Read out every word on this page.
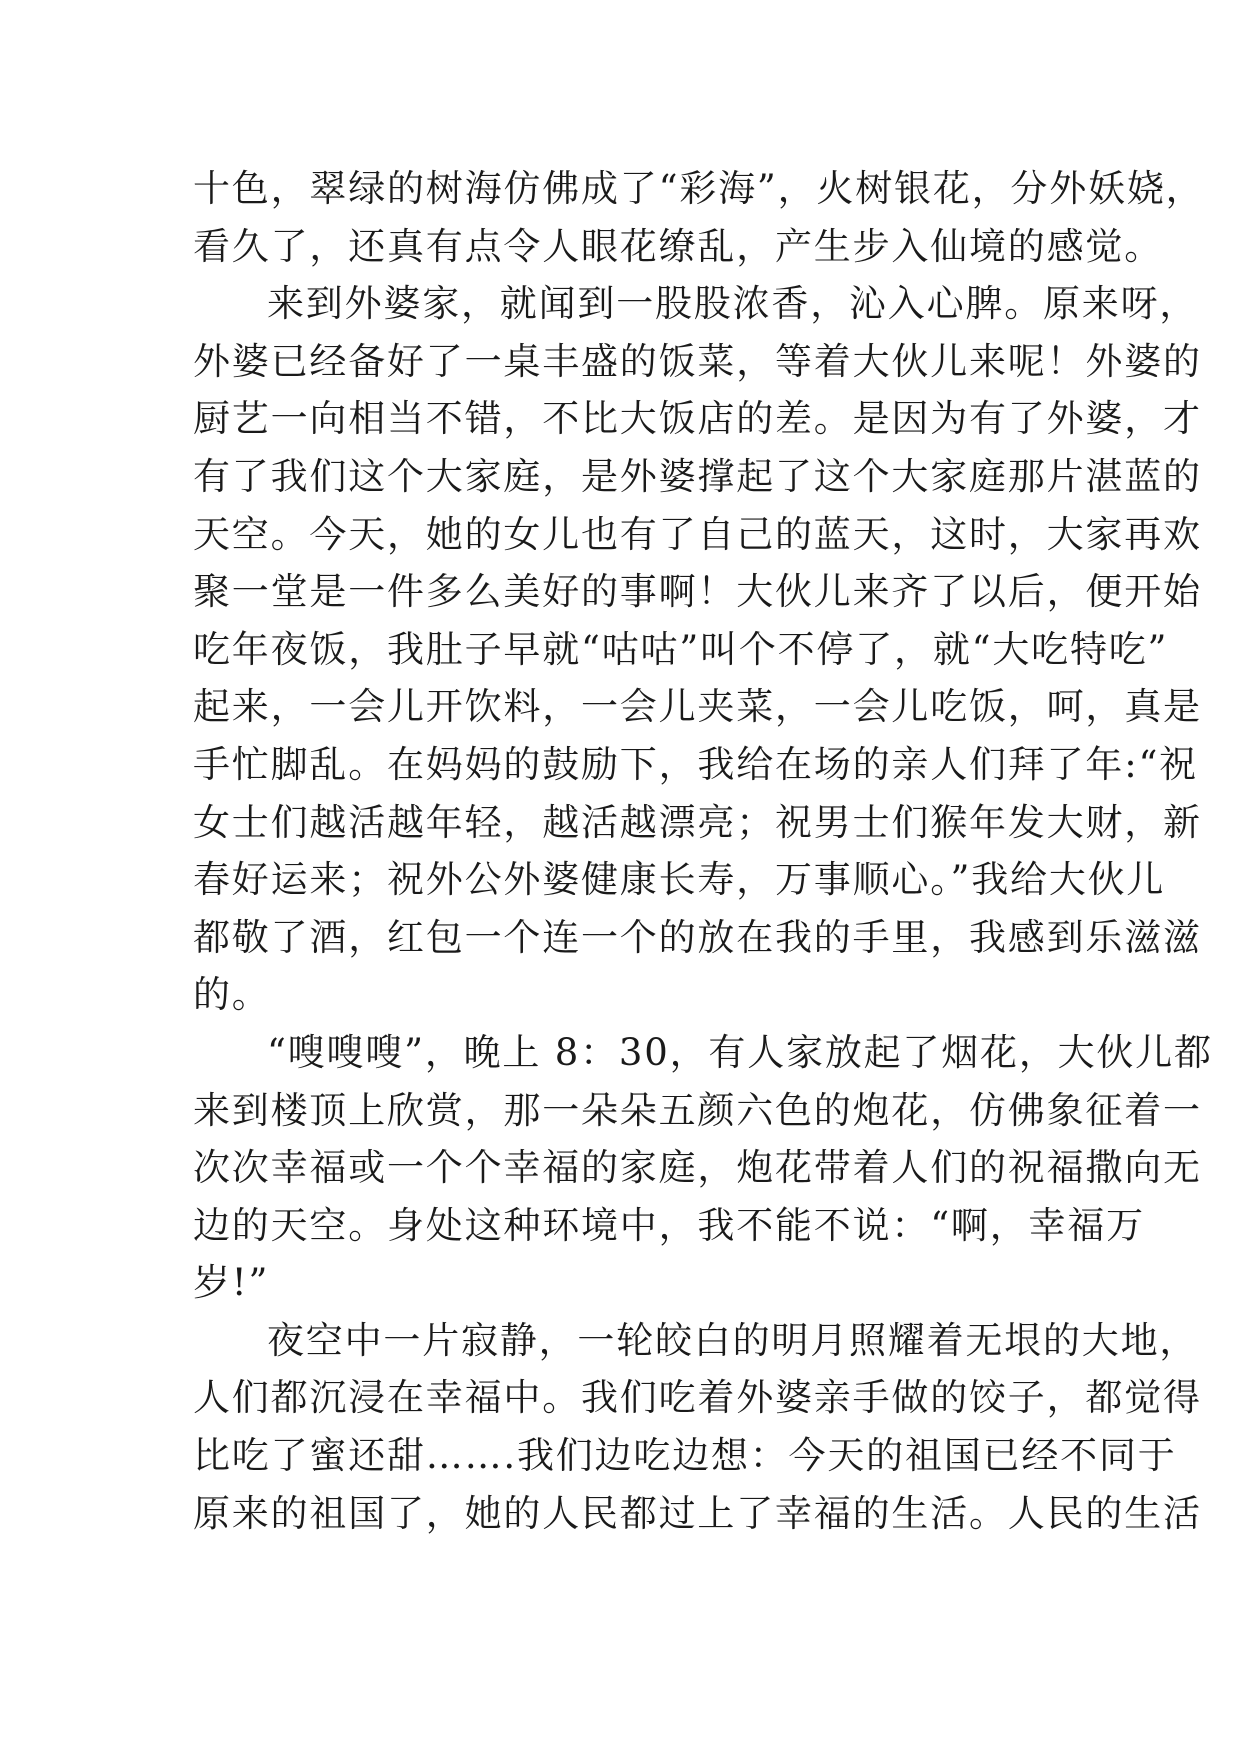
十色，翠绿的树海仿佛成了“彩海”，火树银花，分外妖娆，
看久了，还真有点令人眼花缭乱，产生步入仙境的感觉。
来到外婆家，就闻到一股股浓香，沁入心脾。原来呀，
外婆已经备好了一桌丰盛的饭菜，等着大伙儿来呢！外婆的
厨艺一向相当不错，不比大饭店的差。是因为有了外婆，才
有了我们这个大家庭，是外婆撑起了这个大家庭那片湛蓝的
天空。今天，她的女儿也有了自己的蓝天，这时，大家再欢
聚一堂是一件多么美好的事啊！大伙儿来齐了以后，便开始
吃年夜饭，我肚子早就“咕咕”叫个不停了，就“大吃特吃”
起来，一会儿开饮料，一会儿夹菜，一会儿吃饭，呵，真是
手忙脚乱。在妈妈的鼓励下，我给在场的亲人们拜了年:“祝
女士们越活越年轻，越活越漂亮；祝男士们猴年发大财，新
春好运来；祝外公外婆健康长寿，万事顺心。”我给大伙儿
都敬了酒，红包一个连一个的放在我的手里，我感到乐滋滋
的。
“嗖嗖嗖”，晚上 8：30，有人家放起了烟花，大伙儿都
来到楼顶上欣赏，那一朵朵五颜六色的炮花，仿佛象征着一
次次幸福或一个个幸福的家庭，炮花带着人们的祝福撒向无
边的天空。身处这种环境中，我不能不说：“啊，幸福万
岁!”
夜空中一片寂静，一轮皎白的明月照耀着无垠的大地，
人们都沉浸在幸福中。我们吃着外婆亲手做的饺子，都觉得
比吃了蜜还甜…….我们边吃边想：今天的祖国已经不同于
原来的祖国了，她的人民都过上了幸福的生活。人民的生活
